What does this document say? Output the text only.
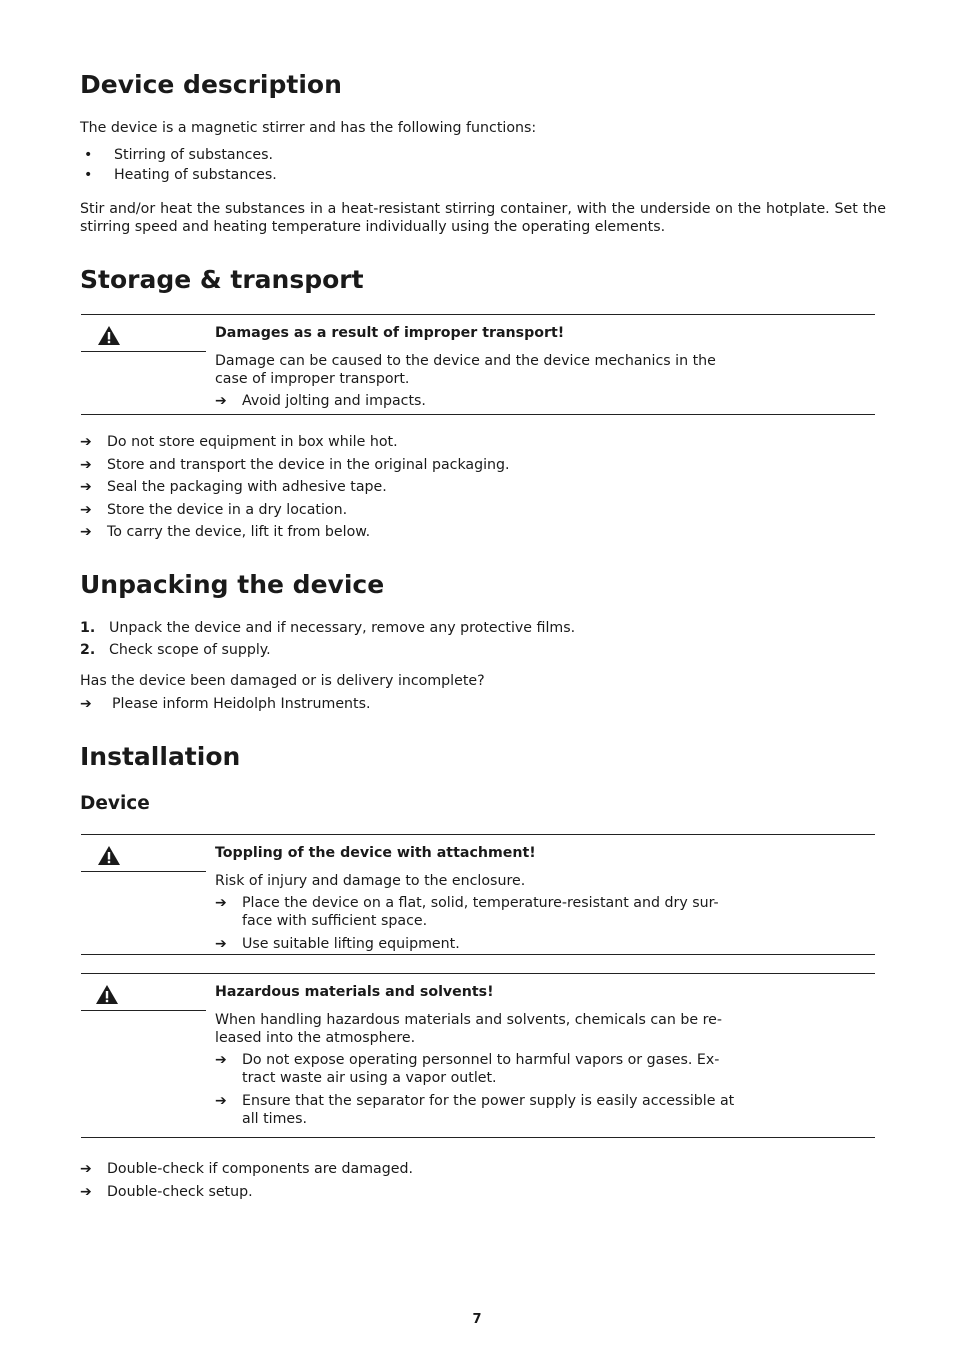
Device description

The device is a magnetic stirrer and has the following functions:

• Stirring of substances.
• Heating of substances.

Stir and/or heat the substances in a heat-resistant stirring container, with the underside on the hotplate. Set the stirring speed and heating temperature individually using the operating elements.

Storage & transport
Damages as a result of improper transport!

Damage can be caused to the device and the device mechanics in the

case of improper transport.

➔ Avoid jolting and impacts.
➔ Do not store equipment in box while hot.
➔ Store and transport the device in the original packaging.
➔ Seal the packaging with adhesive tape.
➔ Store the device in a dry location.
➔ To carry the device, lift it from below.
Unpacking the device
1. Unpack the device and if necessary, remove any protective films.
2. Check scope of supply.

Has the device been damaged or is delivery incomplete?

➔ Please inform Heidolph Instruments.
Installation
Device
Toppling of the device with attachment!

Risk of injury and damage to the enclosure.

➔ Place the device on a flat, solid, temperature-resistant and dry sur-
face with sufficient space.
➔ Use suitable lifting equipment.
Hazardous materials and solvents!

When handling hazardous materials and solvents, chemicals can be re-

leased into the atmosphere.

➔ Do not expose operating personnel to harmful vapors or gases. Ex-
tract waste air using a vapor outlet.
➔ Ensure that the separator for the power supply is easily accessible at
all times.
➔ Double-check if components are damaged.
➔ Double-check setup.
7
